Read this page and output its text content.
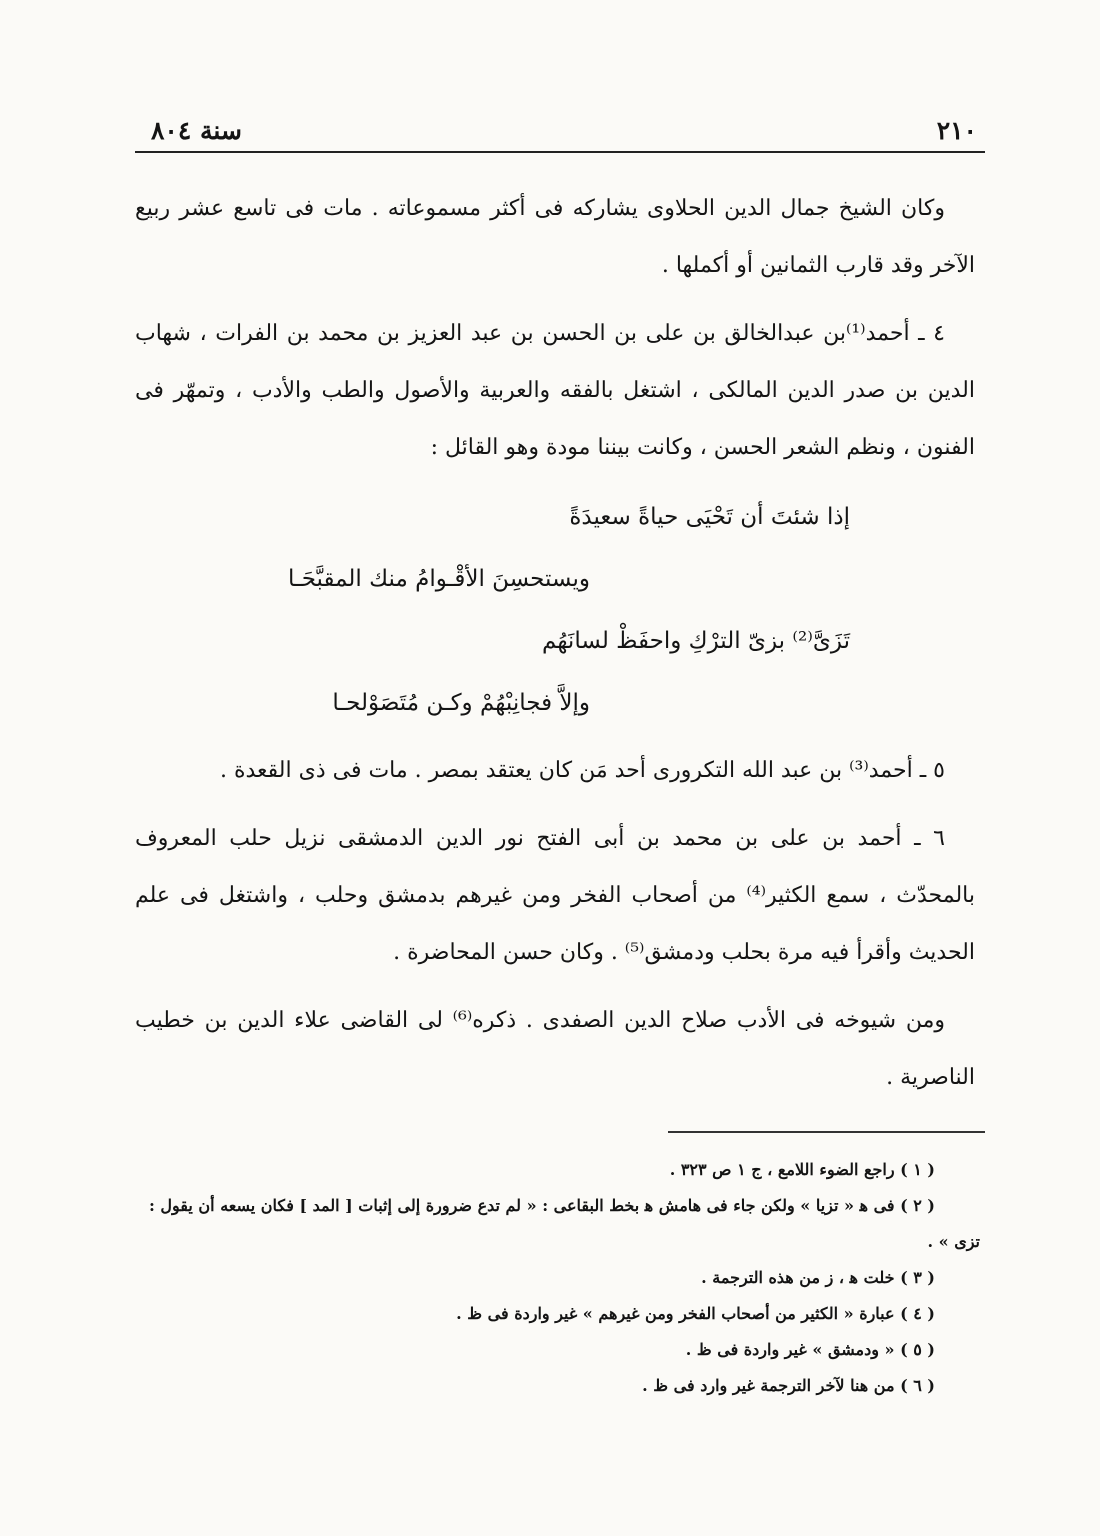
٢١٠
سنة ٨٠٤

وكان الشيخ جمال الدين الحلاوى يشاركه فى أكثر مسموعاته . مات فى تاسع عشر ربيع الآخر وقد قارب الثمانين أو أكملها .

٤ ـ أحمد⁽¹⁾بن عبدالخالق بن على بن الحسن بن عبد العزيز بن محمد بن الفرات ، شهاب الدين بن صدر الدين المالكى ، اشتغل بالفقه والعربية والأصول والطب والأدب ، وتمهّر فى الفنون ، ونظم الشعر الحسن ، وكانت بيننا مودة وهو القائل :

إذا شئتَ أن تَحْيَى حياةً سعيدَةً
ويستحسِنَ الأقْـوامُ منك المقبَّحَـا
تَزَىَّ⁽²⁾ بزىّ الترْكِ واحفَظْ لسانَهُم
وإلاَّ فجانِبْهُمْ وكـن مُتَصَوْلحـا

٥ ـ أحمد⁽³⁾ بن عبد الله التكرورى أحد مَن كان يعتقد بمصر . مات فى ذى القعدة .

٦ ـ أحمد بن على بن محمد بن أبى الفتح نور الدين الدمشقى نزيل حلب المعروف بالمحدّث ، سمع الكثير⁽⁴⁾ من أصحاب الفخر ومن غيرهم بدمشق وحلب ، واشتغل فى علم الحديث وأقرأ فيه مرة بحلب ودمشق⁽⁵⁾ . وكان حسن المحاضرة .

ومن شيوخه فى الأدب صلاح الدين الصفدى . ذكره⁽⁶⁾ لى القاضى علاء الدين بن خطيب الناصرية .

( ١ ) راجع الضوء اللامع ، ج ١ ص ٣٢٣ .

( ٢ ) فى ﻫ « تزيا » ولكن جاء فى هامش ﻫ بخط البقاعى : « لم تدع ضرورة إلى إثبات [ المد ] فكان يسعه أن يقول :

تزى » .

( ٣ ) خلت ﻫ ، ز من هذه الترجمة .

( ٤ ) عبارة « الكثير من أصحاب الفخر ومن غيرهم » غير واردة فى ظ .

( ٥ ) « ودمشق » غير واردة فى ظ .

( ٦ ) من هنا لآخر الترجمة غير وارد فى ظ .
